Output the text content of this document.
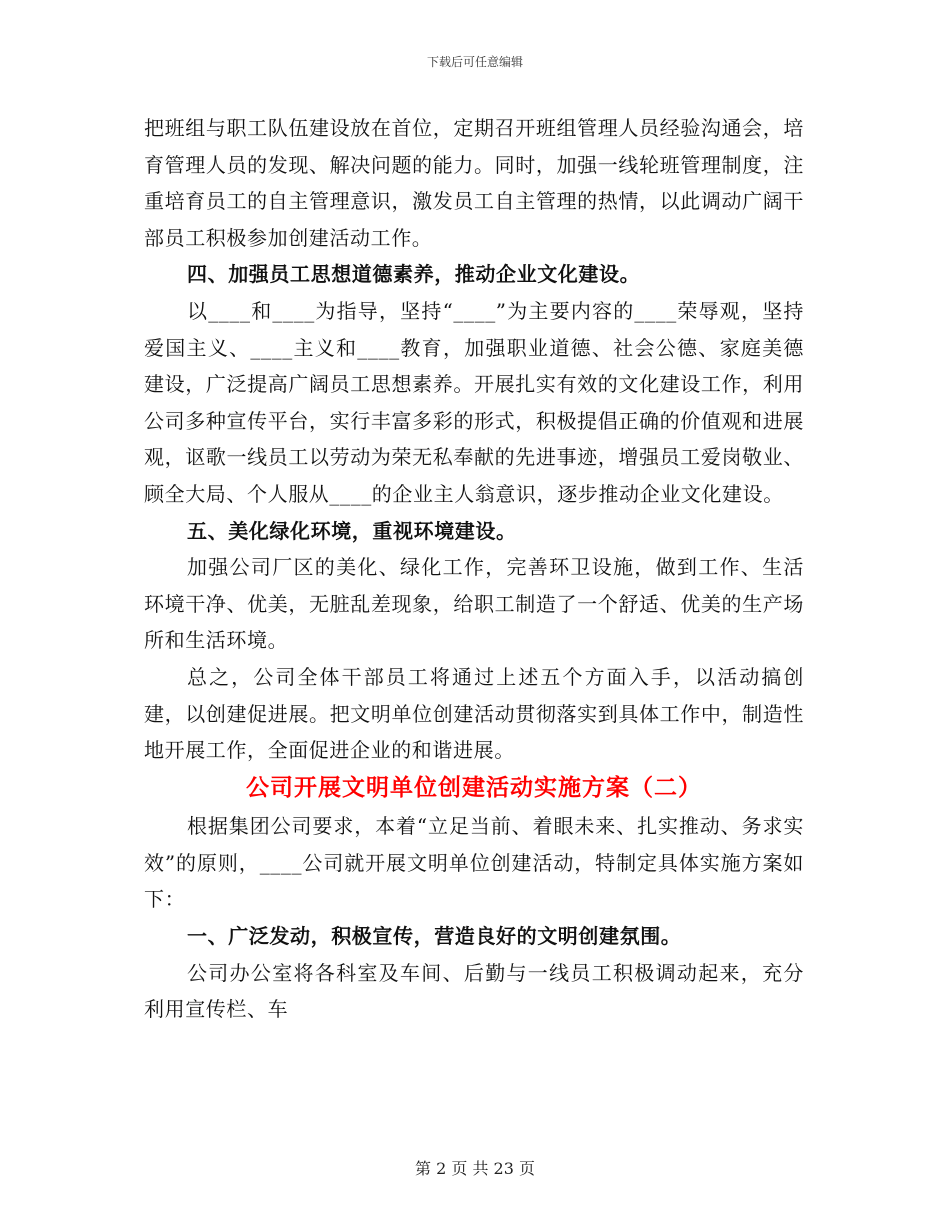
下载后可任意编辑

把班组与职工队伍建设放在首位，定期召开班组管理人员经验沟通会，培育管理人员的发现、解决问题的能力。同时，加强一线轮班管理制度，注重培育员工的自主管理意识，激发员工自主管理的热情，以此调动广阔干部员工积极参加创建活动工作。

四、加强员工思想道德素养，推动企业文化建设。

以____和____为指导，坚持“____”为主要内容的____荣辱观，坚持爱国主义、____主义和____教育，加强职业道德、社会公德、家庭美德建设，广泛提高广阔员工思想素养。开展扎实有效的文化建设工作，利用公司多种宣传平台，实行丰富多彩的形式，积极提倡正确的价值观和进展观，讴歌一线员工以劳动为荣无私奉献的先进事迹，增强员工爱岗敬业、顾全大局、个人服从____的企业主人翁意识，逐步推动企业文化建设。

五、美化绿化环境，重视环境建设。

加强公司厂区的美化、绿化工作，完善环卫设施，做到工作、生活环境干净、优美，无脏乱差现象，给职工制造了一个舒适、优美的生产场所和生活环境。

总之，公司全体干部员工将通过上述五个方面入手，以活动搞创建，以创建促进展。把文明单位创建活动贯彻落实到具体工作中，制造性地开展工作，全面促进企业的和谐进展。

公司开展文明单位创建活动实施方案（二）

根据集团公司要求，本着“立足当前、着眼未来、扎实推动、务求实效”的原则，____公司就开展文明单位创建活动，特制定具体实施方案如下：

一、广泛发动，积极宣传，营造良好的文明创建氛围。

公司办公室将各科室及车间、后勤与一线员工积极调动起来，充分利用宣传栏、车

第 2 页 共 23 页
